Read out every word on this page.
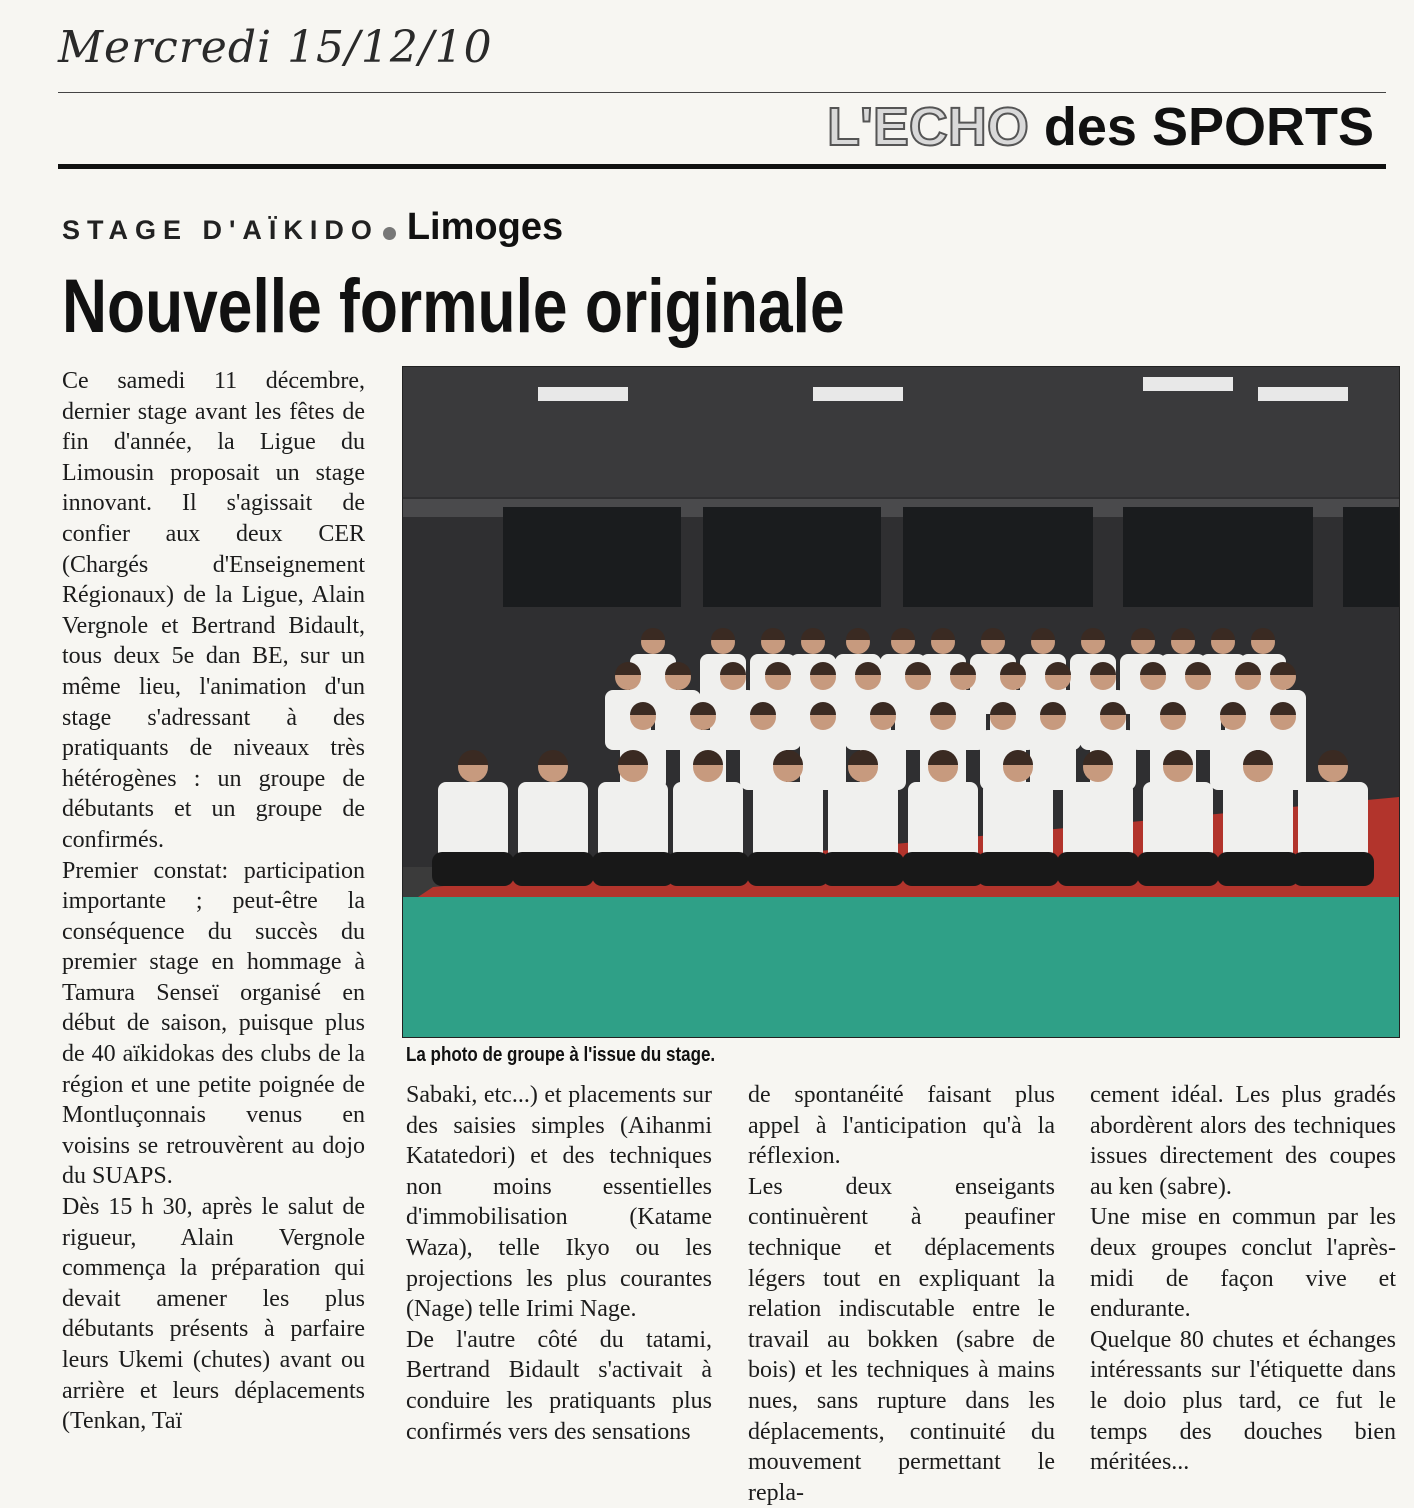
Mercredi 15/12/10
L'ECHO des SPORTS
STAGE D'AÏKIDO Limoges
Nouvelle formule originale

Ce samedi 11 décembre, dernier stage avant les fêtes de fin d'année, la Ligue du Limousin proposait un stage innovant. Il s'agissait de confier aux deux CER (Chargés d'Enseignement Régionaux) de la Ligue, Alain Vergnole et Bertrand Bidault, tous deux 5e dan BE, sur un même lieu, l'animation d'un stage s'adressant à des pratiquants de niveaux très hétérogènes : un groupe de débutants et un groupe de confirmés.

Premier constat: participation importante ; peut-être la conséquence du succès du premier stage en hommage à Tamura Senseï organisé en début de saison, puisque plus de 40 aïkidokas des clubs de la région et une petite poignée de Montluçonnais venus en voisins se retrouvèrent au dojo du SUAPS.

Dès 15 h 30, après le salut de rigueur, Alain Vergnole commença la préparation qui devait amener les plus débutants présents à parfaire leurs Ukemi (chutes) avant ou arrière et leurs déplacements (Tenkan, Taï

La photo de groupe à l'issue du stage.

Sabaki, etc...) et placements sur des saisies simples (Aihanmi Katatedori) et des techniques non moins essentielles d'immobilisation (Katame Waza), telle Ikyo ou les projections les plus courantes (Nage) telle Irimi Nage.

De l'autre côté du tatami, Bertrand Bidault s'activait à conduire les pratiquants plus confirmés vers des sensations

de spontanéité faisant plus appel à l'anticipation qu'à la réflexion.

Les deux enseigants continuèrent à peaufiner technique et déplacements légers tout en expliquant la relation indiscutable entre le travail au bokken (sabre de bois) et les techniques à mains nues, sans rupture dans les déplacements, continuité du mouvement permettant le repla-

cement idéal. Les plus gradés abordèrent alors des techniques issues directement des coupes au ken (sabre).

Une mise en commun par les deux groupes conclut l'après-midi de façon vive et endurante.

Quelque 80 chutes et échanges intéressants sur l'étiquette dans le doio plus tard, ce fut le temps des douches bien méritées...
